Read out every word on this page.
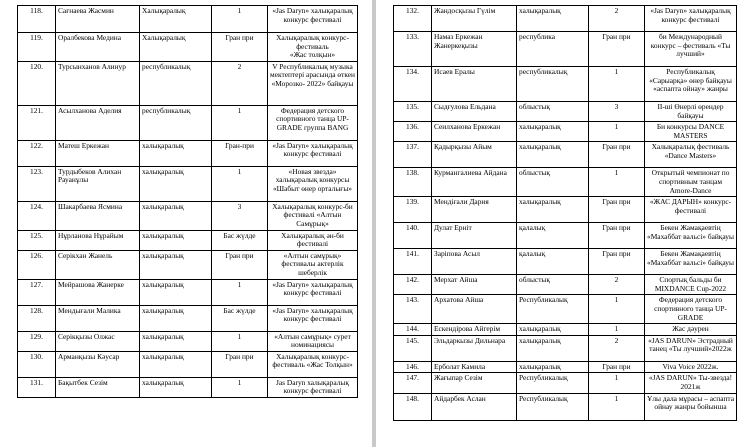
118.	Сағнаева Жасмин	Халықаралық	1	«Jas Dаrуn» халықаралық конкурс фестивалі
119.	Оралбекова Медина	Халықаралық	Гран при	Халықаралық конкурс-фестиваль
«Жас толқын»
120.	Турсынханов Алинур	республикалық	2	V Республикалық музыка мектептері арасында өткен «Морозко- 2022» байқауы
121.	Асылханова Аделия	республикалық	1	Федерация детского спортивного танца UP-GRADE группа BANG
122.	Матеш Еркежан	халықаралық	Гран-при	«Jas Dаrуn» халықаралық конкурс фестивалі
123.	Турдыбеков Алихан Рауанұлы	халықаралық	1	«Новая звезда» халықаралық конкурсы «Шабыт өнер орталығы»
124.	Шакарбаева Ясмина	халықаралық	3	Халықаралық конкурс-би фестивалі «Алтын Самұрық»
125.	Нұрланова Нұрайым	халықаралық	Бас жүлде	Халықаралық ән-би фестивалі
126.	Серікхан Жанель	халықаралық	Гран при	«Алтын самұрық» фестивалы актерлік шеберлік
127.	Мейрашова Жанерке	халықаралық	1	«Jas Dаrуn» халықаралық конкурс фестивалі
128.	Мендығали Малика	халықаралық	Бас жүлде	«Jas Dаrуn» халықаралық конкурс фестивалі
129.	Серікқызы Олжас	халықаралық	1	«Алтын самұрық» сурет номинациясы
130.	Арманқызы Кәусар	халықаралық	Гран при	Халықаралық конкурс-фестиваль «Жас Толқын»
131.	Бақытбек Сезім	халықаралық	1	Jas Dаrуn халықаралық конкурс фестивалі
132.	Жандосқызы Гүлім	халықаралық	2	«Jas Dаrуn» халықаралық конкурс фестивалі
133.	Намаз Еркежан Жанеркеқызы	республика	Гран при	би Международный конкурс – фестиваль «Ты лучший»
134.	Исаев Ералы	республикалық	1	Республикалық «Сарыарқа» өнер байқауы «аспапта ойнау» жанры
135.	Сыдғулова Ельдана	облыстық	3	II-ші Өнерлі өрендер байқауы
136.	Сеилханова Еркежан	халықаралық	1	Би конкурсы DANCE MASTERS
137.	Қадырқызы Айым	халықаралық	Гран при	Халықаралық фестиваль «Dance Masters»
138.	Курмангалиева Айдана	облыстық	1	Открытый чемпионат по спортивным танцам Amore-Dance
139.	Мендіғали Дария	халықаралық	Гран при	«ЖАС ДАРЫН» конкурс-фестивалі
140.	Дулат Ерніт	қалалық	Гран при	Бекен Жамақаевтің «Махаббат вальсі» байқауы
141.	Заріпова Асыл	қалалық	Гран при	Бекен Жамақаевтің «Махаббат вальсі» байқауы
142.	Мерхат Айша	облыстық	2	Спортық бальды би MIXDANCE Cup-2022
143.	Архатова Айша	Республикалық	1	Федерация детского спортивного танца UP-GRADE
144.	Ескендірова Айгерім	халықаралық	1	Жас дәурен
145.	Эльдаркызы Дильнара	халықаралық	2	«JAS DARUN» Эстрадный танец «Ты лучший»2022ж
146.	Ерболат Камила	халықаралық	Гран при	Viva Voice 2022ж.
147.	Жағыпар Сезім	Республикалық	1	«JAS DARUN» Ты-звезда! 2021ж
148.	Айдарбек Аслан	Республикалық	1	Ұлы дала мұрасы – аспапта ойнау жанры бойынша
